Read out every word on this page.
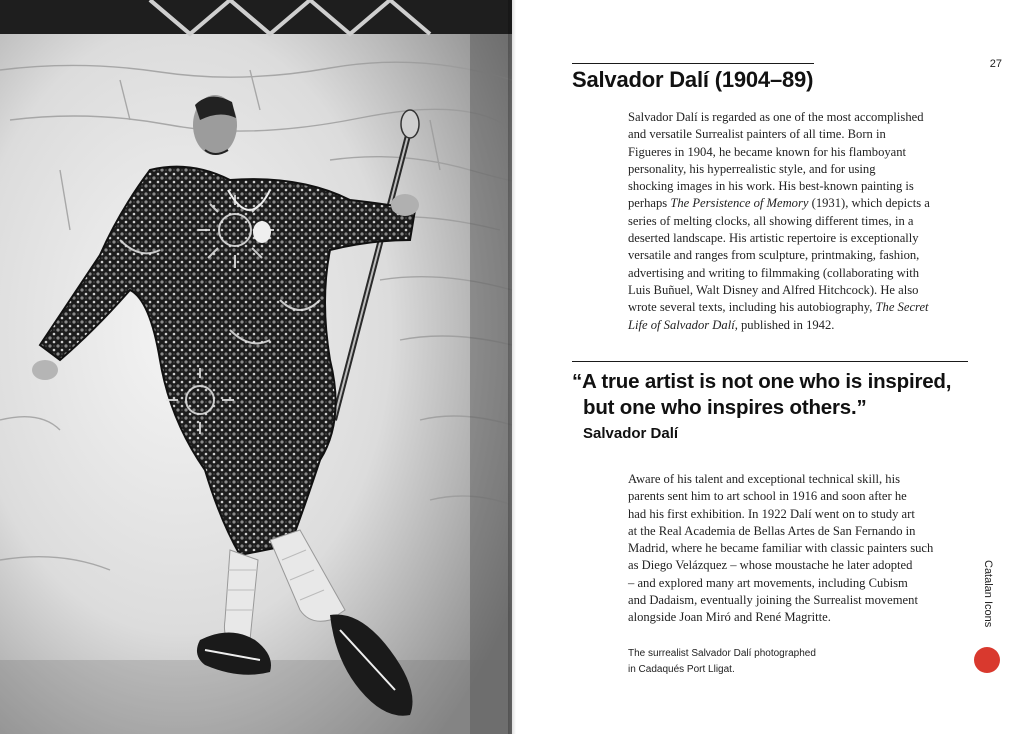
27
Salvador Dalí (1904–89)
Salvador Dalí is regarded as one of the most accomplished
and versatile Surrealist painters of all time. Born in
Figueres in 1904, he became known for his flamboyant
personality, his hyperrealistic style, and for using
shocking images in his work. His best-known painting is
perhaps The Persistence of Memory (1931), which depicts a
series of melting clocks, all showing different times, in a
deserted landscape. His artistic repertoire is exceptionally
versatile and ranges from sculpture, printmaking, fashion,
advertising and writing to filmmaking (collaborating with
Luis Buñuel, Walt Disney and Alfred Hitchcock). He also
wrote several texts, including his autobiography, The Secret
Life of Salvador Dalí, published in 1942.
“A true artist is not one who is inspired,
but one who inspires others.”
Salvador Dalí
Aware of his talent and exceptional technical skill, his
parents sent him to art school in 1916 and soon after he
had his first exhibition. In 1922 Dalí went on to study art
at the Real Academia de Bellas Artes de San Fernando in
Madrid, where he became familiar with classic painters such
as Diego Velázquez – whose moustache he later adopted
– and explored many art movements, including Cubism
and Dadaism, eventually joining the Surrealist movement
alongside Joan Miró and René Magritte.
The surrealist Salvador Dalí photographed
in Cadaqués Port Lligat.
Catalan Icons
